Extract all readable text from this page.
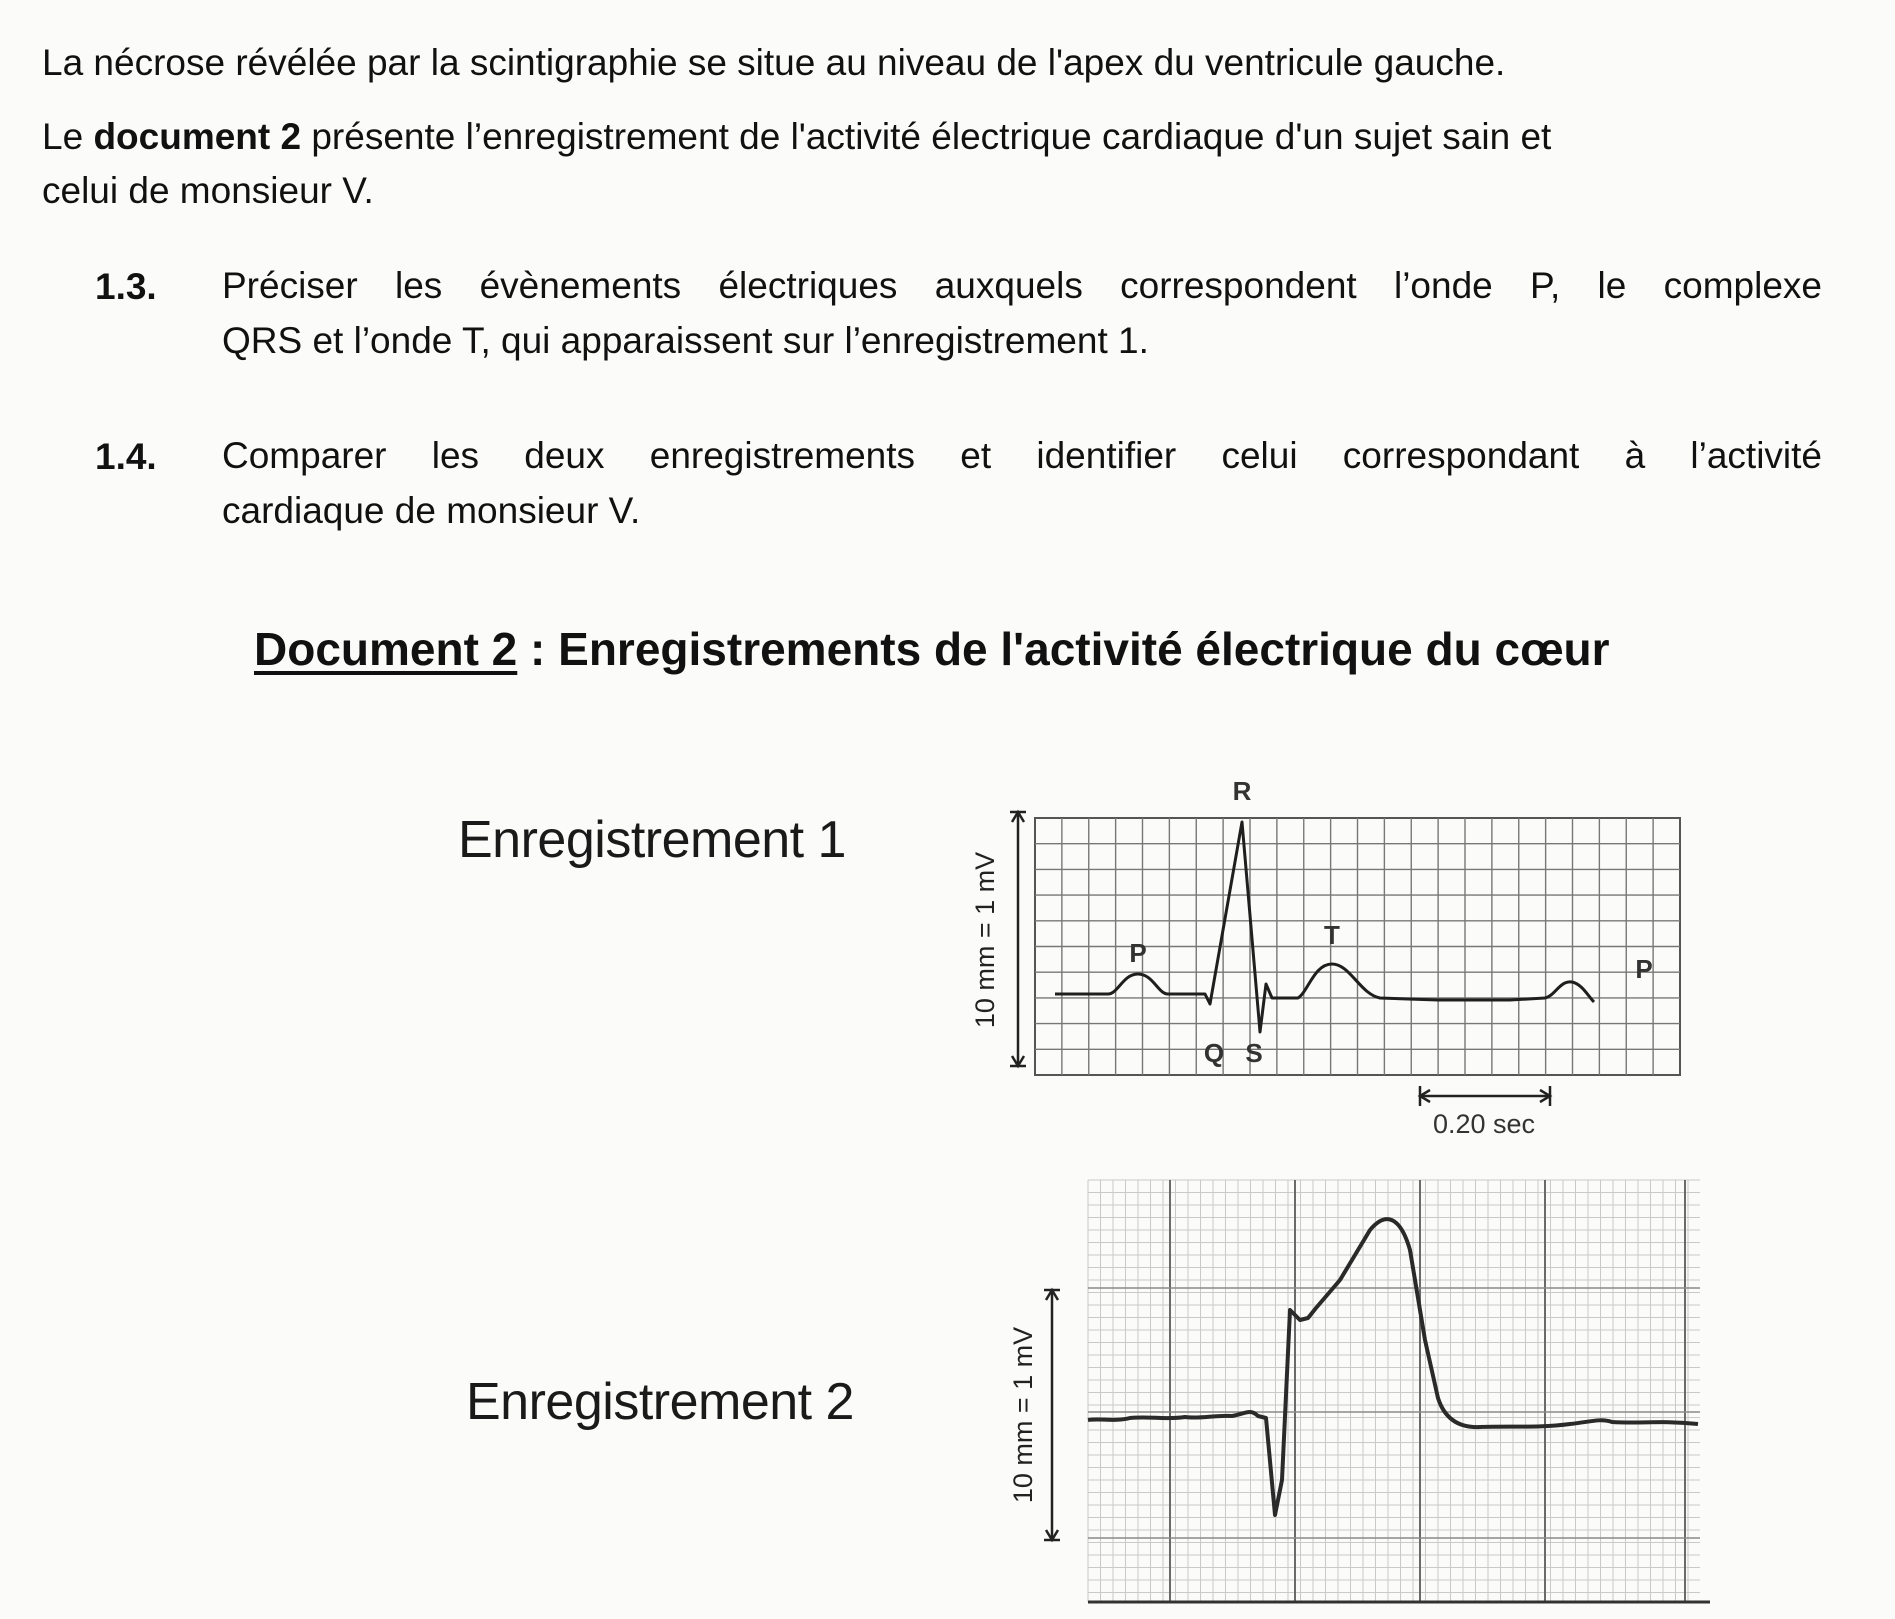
La nécrose révélée par la scintigraphie se situe au niveau de l'apex du ventricule gauche.

Le document 2 présente l’enregistrement de l'activité électrique cardiaque d'un sujet sain et
celui de monsieur V.

1.3. Préciser les évènements électriques auxquels correspondent l’onde P, le complexe
QRS et l’onde T, qui apparaissent sur l’enregistrement 1.

1.4. Comparer les deux enregistrements et identifier celui correspondant à l’activité
cardiaque de monsieur V.

Document 2 : Enregistrements de l'activité électrique du cœur

Enregistrement 1

Enregistrement 2

10 mm = 1 mV	P
R
Q S
T
P
0.20 sec
10 mm = 1 mV
